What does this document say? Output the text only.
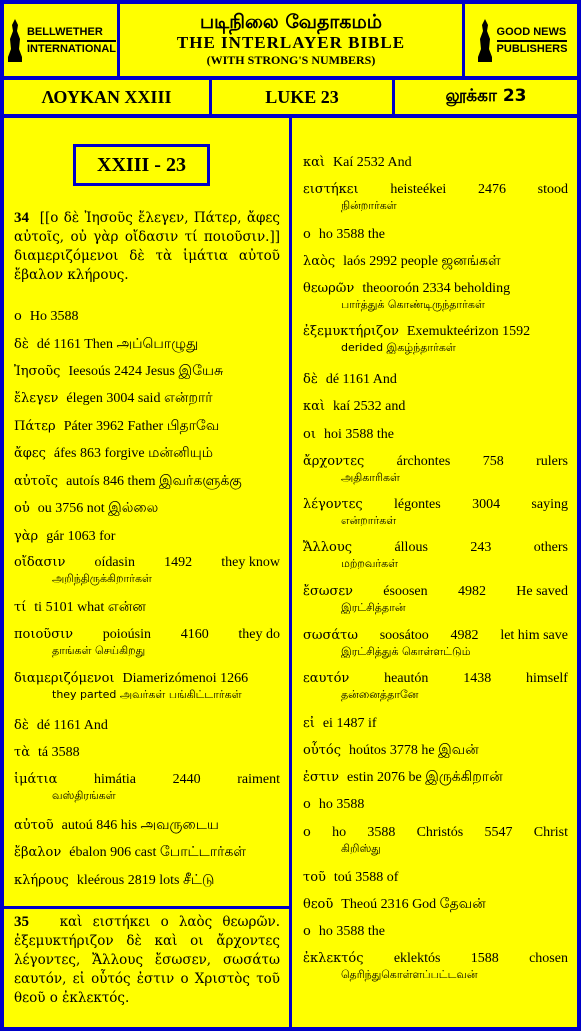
BELLWETHER
INTERNATIONAL
படிநிலை வேதாகமம்
THE INTERLAYER BIBLE
(WITH STRONG'S NUMBERS)
GOOD NEWS
PUBLISHERS
ΛΟΥΚΑΝ XXIII	LUKE 23	லூக்கா 23
XXIII - 23
34 [[ο δὲ Ἰησοῦς ἔλεγεν, Πάτερ, ἄφες αὐτοῖς, οὐ γὰρ οἴδασιν τί ποιοῦσιν.]] διαμεριζόμενοι δὲ τὰ ἱμάτια αὐτοῦ ἔβαλον κλήρους.
ο Ho 3588
δὲ dé 1161 Then அப்பொழுது
Ἰησοῦς Ieesoús 2424 Jesus இயேசு
ἔλεγεν élegen 3004 said என்றார்
Πάτερ Páter 3962 Father பிதாவே
ἄφες áfes 863 forgive மன்னியும்
αὐτοῖς autoís 846 them இவர்களுக்கு
οὐ ou 3756 not இல்லை
γὰρ gár 1063 for
οἴδασιν oídasin 1492 they know
அறிந்திருக்கிறார்கள்
τί ti 5101 what என்ன
ποιοῦσιν poioúsin 4160 they do
தாங்கள் செய்கிறது
διαμεριζόμενοι Diamerizómenoi 1266
they parted அவர்கள் பங்கிட்டார்கள்
δὲ dé 1161 And
τὰ tá 3588
ἱμάτια	himátia	2440	raiment
வஸ்திரங்கள்
αὐτοῦ autoú 846 his அவருடைய
ἔβαλον ébalon 906 cast போட்டார்கள்
κλήρους kleérous 2819 lots சீட்டு
35 καὶ ειστήκει ο λαὸς θεωρῶν. ἐξεμυκτήριζον δὲ καὶ οι ἄρχοντες λέγοντες, Ἄλλους ἔσωσεν, σωσάτω εαυτόν, εἰ οὗτός ἐστιν ο Χριστὸς τοῦ θεοῦ ο ἐκλεκτός.
καὶ Kaí 2532 And
ειστήκει heisteékei 2476 stood
நின்றார்கள்
ο ho 3588 the
λαὸς laós 2992 people ஜனங்கள்
θεωρῶν theooroón 2334 beholding
பார்த்துக் கொண்டிருந்தார்கள்
ἐξεμυκτήριζον Exemukteérizon 1592
derided இகழ்ந்தார்கள்
δὲ dé 1161 And
καὶ kaí 2532 and
οι hoi 3588 the
ἄρχοντες árchontes 758 rulers
அதிகாரிகள்
λέγοντες légontes 3004 saying
என்றார்கள்
Ἄλλους	állous	243	others
மற்றவர்கள்
ἔσωσεν ésoosen 4982 He saved
இரட்சித்தான்
σωσάτω soosátoo 4982 let him save
இரட்சித்துக் கொள்ளட்டும்
εαυτόν heautón 1438 himself
தன்னைத்தானே
εἰ ei 1487 if
οὗτός hoútos 3778 he இவன்
ἐστιν estin 2076 be இருக்கிறான்
ο ho 3588
ο ho 3588 Christós 5547 Christ
கிறிஸ்து
τοῦ toú 3588 of
θεοῦ Theoú 2316 God தேவன்
ο ho 3588 the
ἐκλεκτός eklektós 1588 chosen
தெரிந்துகொள்ளப்பட்டவன்
